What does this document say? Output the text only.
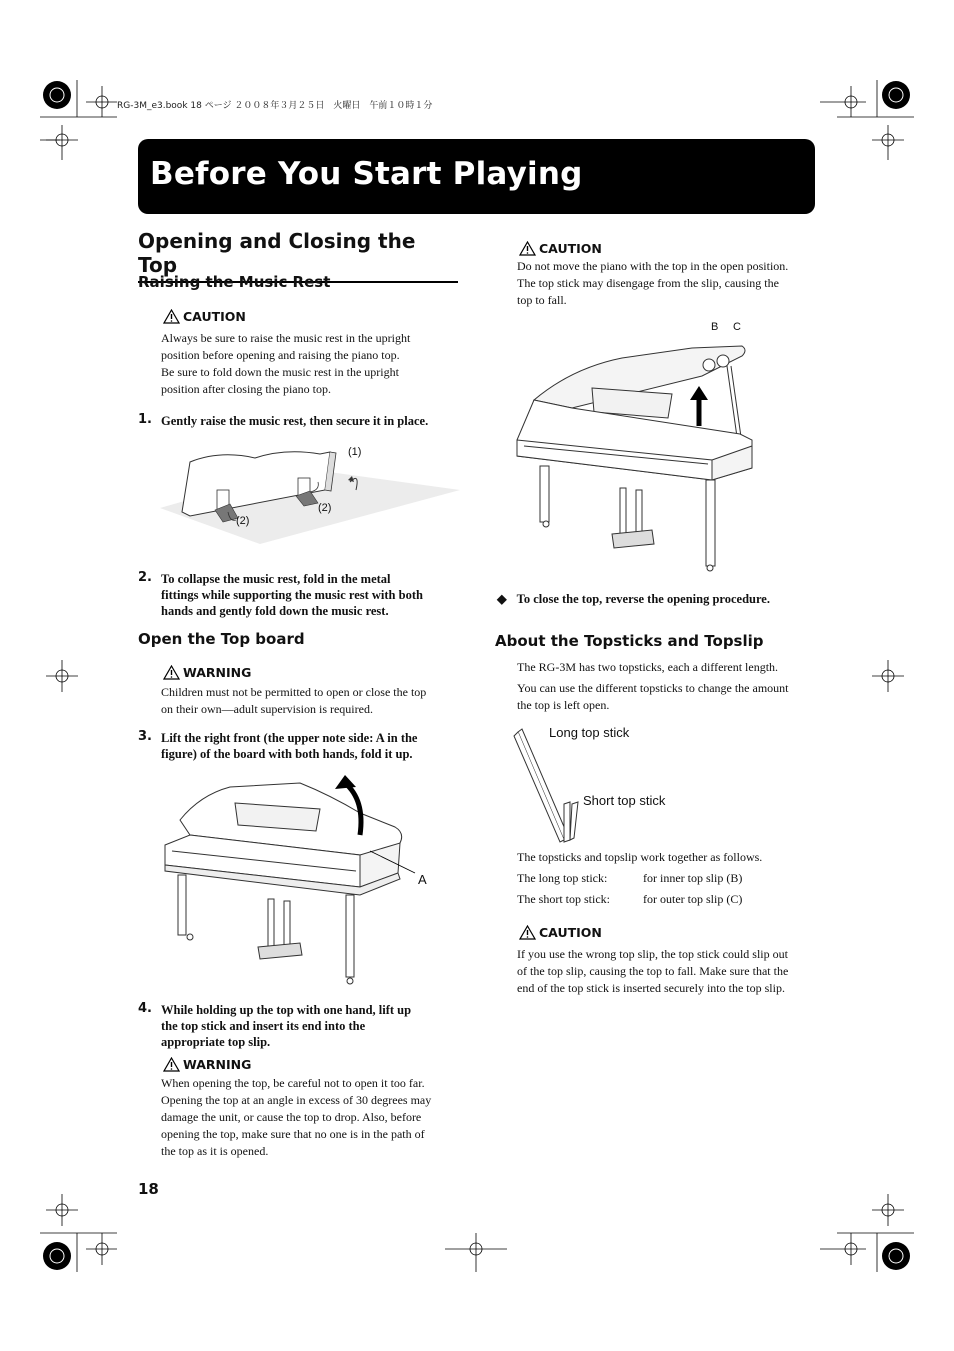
RG-3M_e3.book 18 ページ ２００８年３月２５日　火曜日　午前１０時１分
Before You Start Playing
Opening and Closing the Top
Raising the Music Rest
CAUTION
Always be sure to raise the music rest in the upright
position before opening and raising the piano top.
Be sure to fold down the music rest in the upright
position after closing the piano top.
1. Gently raise the music rest, then secure it in place.
(1)
(2)
(2)
2. To collapse the music rest, fold in the metal
fittings while supporting the music rest with both
hands and gently fold down the music rest.
Open the Top board
WARNING
Children must not be permitted to open or close the top
on their own—adult supervision is required.
3. Lift the right front (the upper note side: A in the
figure) of the board with both hands, fold it up.
A
4. While holding up the top with one hand, lift up
the top stick and insert its end into the
appropriate top slip.
WARNING
When opening the top, be careful not to open it too far.
Opening the top at an angle in excess of 30 degrees may
damage the unit, or cause the top to drop. Also, before
opening the top, make sure that no one is in the path of
the top as it is opened.
18
CAUTION
Do not move the piano with the top in the open position.
The top stick may disengage from the slip, causing the
top to fall.
B C
◆ To close the top, reverse the opening procedure.
About the Topsticks and Topslip
The RG-3M has two topsticks, each a different length.
You can use the different topsticks to change the amount
the top is left open.
Long top stick
Short top stick
The topsticks and topslip work together as follows.
The long top stick:	for inner top slip (B)
The short top stick:	for outer top slip (C)
CAUTION
If you use the wrong top slip, the top stick could slip out
of the top slip, causing the top to fall. Make sure that the
end of the top stick is inserted securely into the top slip.
